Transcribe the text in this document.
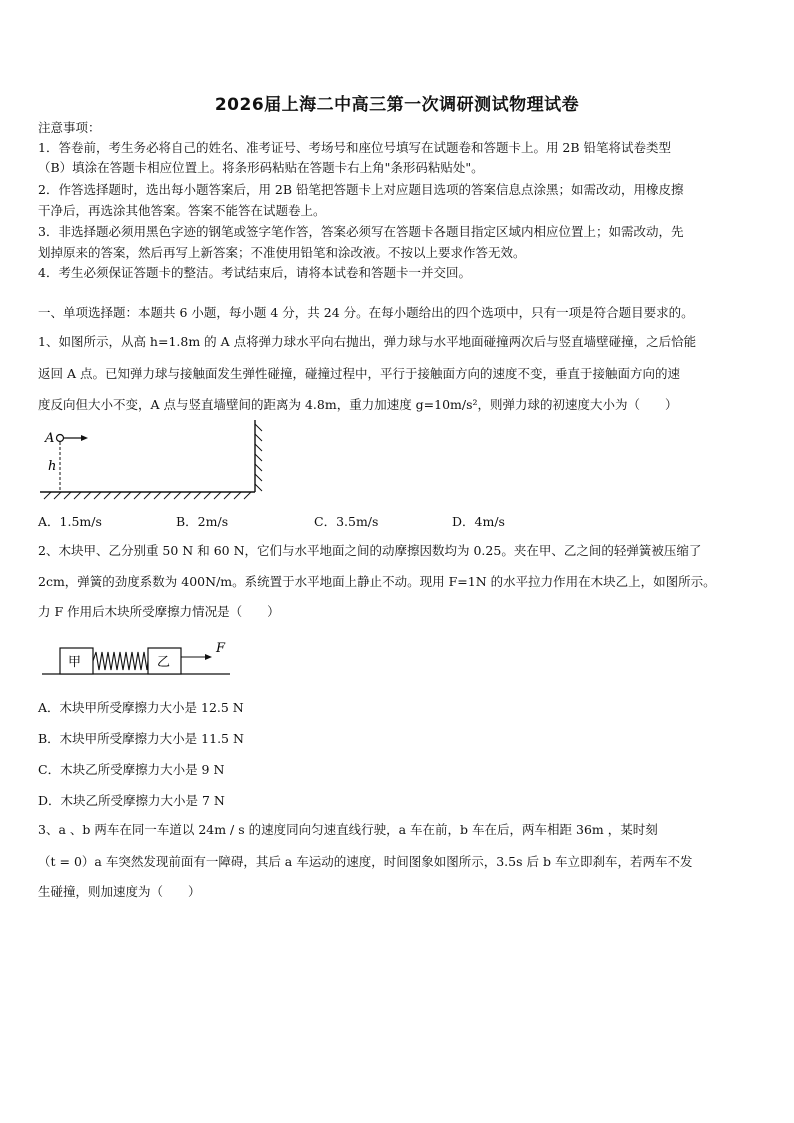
2026届上海二中高三第一次调研测试物理试卷
注意事项：
1．答卷前，考生务必将自己的姓名、准考证号、考场号和座位号填写在试题卷和答题卡上。用 2B 铅笔将试卷类型
（B）填涂在答题卡相应位置上。将条形码粘贴在答题卡右上角"条形码粘贴处"。
2．作答选择题时，选出每小题答案后，用 2B 铅笔把答题卡上对应题目选项的答案信息点涂黑；如需改动，用橡皮擦
干净后，再选涂其他答案。答案不能答在试题卷上。
3．非选择题必须用黑色字迹的钢笔或签字笔作答，答案必须写在答题卡各题目指定区域内相应位置上；如需改动，先
划掉原来的答案，然后再写上新答案；不准使用铅笔和涂改液。不按以上要求作答无效。
4．考生必须保证答题卡的整洁。考试结束后，请将本试卷和答题卡一并交回。
一、单项选择题：本题共 6 小题，每小题 4 分，共 24 分。在每小题给出的四个选项中，只有一项是符合题目要求的。
1、如图所示，从高 h=1.8m 的 A 点将弹力球水平向右抛出，弹力球与水平地面碰撞两次后与竖直墙壁碰撞，之后恰能
返回 A 点。已知弹力球与接触面发生弹性碰撞，碰撞过程中，平行于接触面方向的速度不变，垂直于接触面方向的速
度反向但大小不变，A 点与竖直墙壁间的距离为 4.8m，重力加速度 g=10m/s²，则弹力球的初速度大小为（　　）
A
h
A．1.5m/s	B．2m/s	C．3.5m/s	D．4m/s
2、木块甲、乙分别重 50 N 和 60 N，它们与水平地面之间的动摩擦因数均为 0.25。夹在甲、乙之间的轻弹簧被压缩了
2cm，弹簧的劲度系数为 400N/m。系统置于水平地面上静止不动。现用 F=1N 的水平拉力作用在木块乙上，如图所示。
力 F 作用后木块所受摩擦力情况是（　　）
甲	乙
F
A．木块甲所受摩擦力大小是 12.5 N
B．木块甲所受摩擦力大小是 11.5 N
C．木块乙所受摩擦力大小是 9 N
D．木块乙所受摩擦力大小是 7 N
3、a 、b 两车在同一车道以 24m / s 的速度同向匀速直线行驶，a 车在前，b 车在后，两车相距 36m ，某时刻
（t = 0）a 车突然发现前面有一障碍，其后 a 车运动的速度，时间图象如图所示，3.5s 后 b 车立即刹车，若两车不发
生碰撞，则加速度为（　　）
